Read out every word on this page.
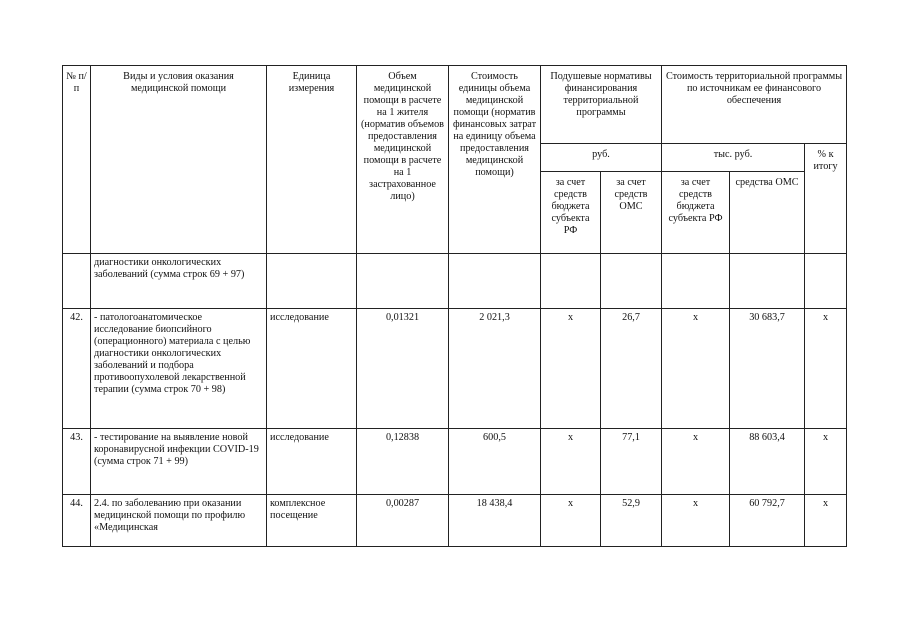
№ п/п	Виды и условия оказания медицинской помощи	Единица измерения	Объем медицинской помощи в расчете на 1 жителя (норматив объемов предоставления медицинской помощи в расчете на 1 застрахованное лицо)	Стоимость единицы объема медицинской помощи (норматив финансовых затрат на единицу объема предоставления медицинской помощи)	Подушевые нормативы финансирования территориальной программы		Стоимость территориальной программы по источникам ее финансового обеспечения		
					руб.		тыс. руб.		% к итогу
					за счет средств бюджета субъекта РФ	за счет средств ОМС	за счет средств бюджета субъекта РФ	средства ОМС	
	диагностики онкологических заболеваний (сумма строк 69 + 97)								
42.	- патологоанатомическое исследование биопсийного (операционного) материала с целью диагностики онкологических заболеваний и подбора противоопухолевой лекарственной терапии (сумма строк 70 + 98)	исследование	0,01321	2 021,3	х	26,7	х	30 683,7	х
43.	- тестирование на выявление новой коронавирусной инфекции COVID-19 (сумма строк 71 + 99)	исследование	0,12838	600,5	х	77,1	х	88 603,4	х
44.	2.4. по заболеванию при оказании медицинской помощи по профилю «Медицинская	комплексное посещение	0,00287	18 438,4	х	52,9	х	60 792,7	х
